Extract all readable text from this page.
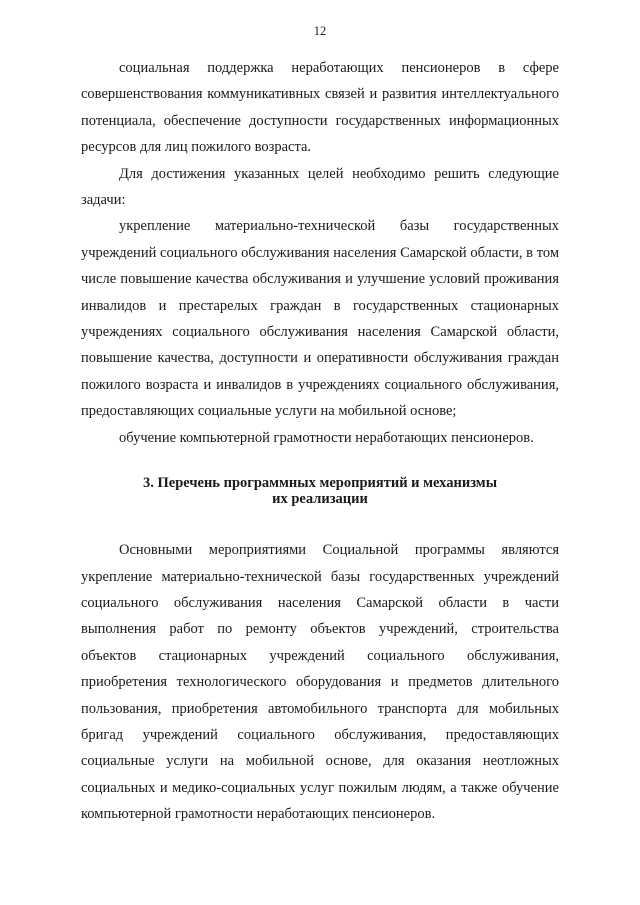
12

социальная поддержка неработающих пенсионеров в сфере совершенствования коммуникативных связей и развития интеллектуального потенциала, обеспечение доступности государственных информационных ресурсов для лиц пожилого возраста.

Для достижения указанных целей необходимо решить следующие задачи:

укрепление материально-технической базы государственных учреждений социального обслуживания населения Самарской области, в том числе повышение качества обслуживания и улучшение условий проживания инвалидов и престарелых граждан в государственных стационарных учреждениях социального обслуживания населения Самарской области, повышение качества, доступности и оперативности обслуживания граждан пожилого возраста и инвалидов в учреждениях социального обслуживания, предоставляющих социальные услуги на мобильной основе;

обучение компьютерной грамотности неработающих пенсионеров.

3. Перечень программных мероприятий и механизмы
их реализации

Основными мероприятиями Социальной программы являются укрепление материально-технической базы государственных учреждений социального обслуживания населения Самарской области в части выполнения работ по ремонту объектов учреждений, строительства объектов стационарных учреждений социального обслуживания, приобретения технологического оборудования и предметов длительного пользования, приобретения автомобильного транспорта для мобильных бригад учреждений социального обслуживания, предоставляющих социальные услуги на мобильной основе, для оказания неотложных социальных и медико-социальных услуг пожилым людям, а также обучение компьютерной грамотности неработающих пенсионеров.
